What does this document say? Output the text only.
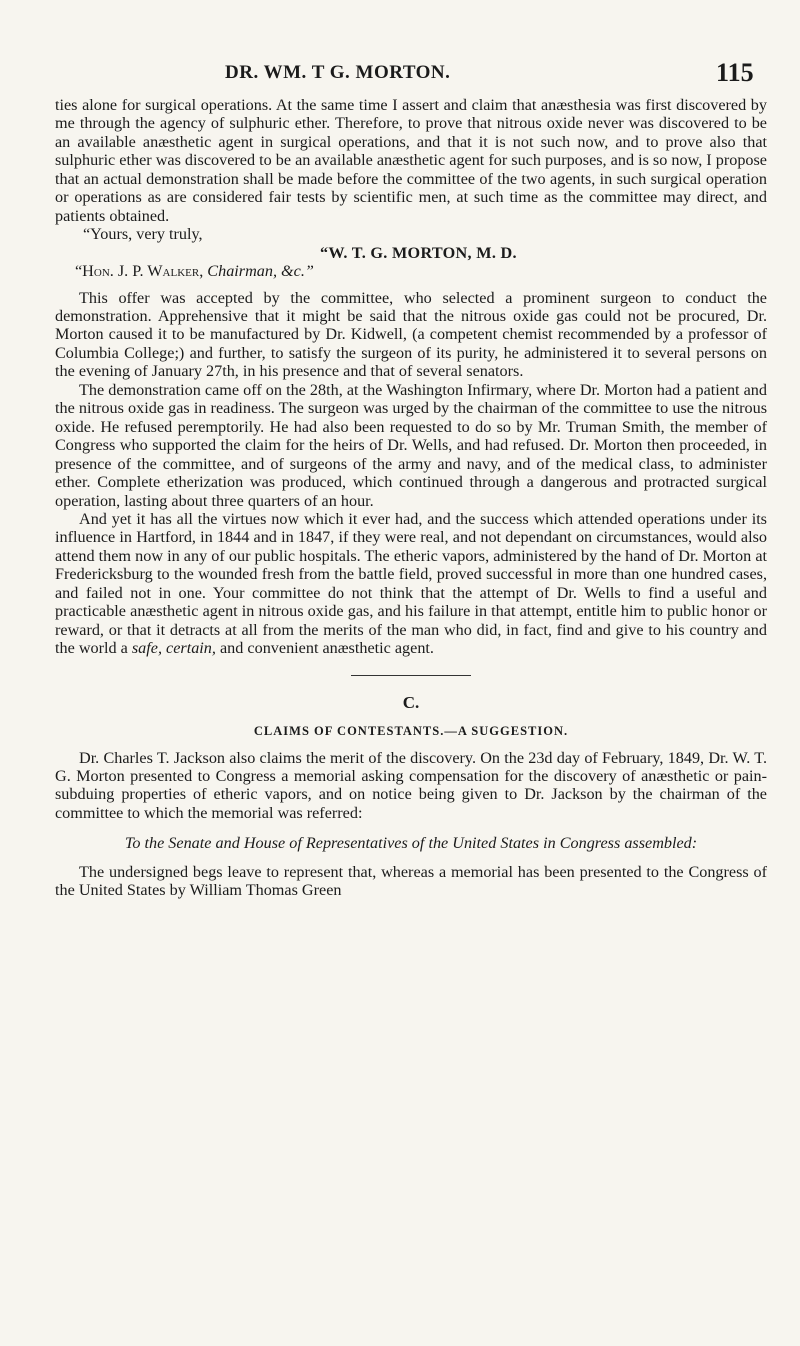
DR. WM. T G. MORTON.	115

ties alone for surgical operations. At the same time I assert and claim that anæsthesia was first discovered by me through the agency of sulphuric ether. Therefore, to prove that nitrous oxide never was discovered to be an available anæsthetic agent in surgical operations, and that it is not such now, and to prove also that sulphuric ether was discovered to be an available anæsthetic agent for such purposes, and is so now, I propose that an actual demonstration shall be made before the committee of the two agents, in such surgical operation or operations as are considered fair tests by scientific men, at such time as the committee may direct, and patients obtained.

“Yours, very truly,

“W. T. G. MORTON, M. D.

“Hon. J. P. Walker, Chairman, &c.”

This offer was accepted by the committee, who selected a prominent surgeon to conduct the demonstration. Apprehensive that it might be said that the nitrous oxide gas could not be procured, Dr. Morton caused it to be manufactured by Dr. Kidwell, (a competent chemist recommended by a professor of Columbia College;) and further, to satisfy the surgeon of its purity, he administered it to several persons on the evening of January 27th, in his presence and that of several senators.

The demonstration came off on the 28th, at the Washington Infirmary, where Dr. Morton had a patient and the nitrous oxide gas in readiness. The surgeon was urged by the chairman of the committee to use the nitrous oxide. He refused peremptorily. He had also been requested to do so by Mr. Truman Smith, the member of Congress who supported the claim for the heirs of Dr. Wells, and had refused. Dr. Morton then proceeded, in presence of the committee, and of surgeons of the army and navy, and of the medical class, to administer ether. Complete etherization was produced, which continued through a dangerous and protracted surgical operation, lasting about three quarters of an hour.

And yet it has all the virtues now which it ever had, and the success which attended operations under its influence in Hartford, in 1844 and in 1847, if they were real, and not dependant on circumstances, would also attend them now in any of our public hospitals. The etheric vapors, administered by the hand of Dr. Morton at Fredericksburg to the wounded fresh from the battle field, proved successful in more than one hundred cases, and failed not in one. Your committee do not think that the attempt of Dr. Wells to find a useful and practicable anæsthetic agent in nitrous oxide gas, and his failure in that attempt, entitle him to public honor or reward, or that it detracts at all from the merits of the man who did, in fact, find and give to his country and the world a safe, certain, and convenient anæsthetic agent.

C.

CLAIMS OF CONTESTANTS.—A SUGGESTION.

Dr. Charles T. Jackson also claims the merit of the discovery. On the 23d day of February, 1849, Dr. W. T. G. Morton presented to Congress a memorial asking compensation for the discovery of anæsthetic or pain-subduing properties of etheric vapors, and on notice being given to Dr. Jackson by the chairman of the committee to which the memorial was referred:

To the Senate and House of Representatives of the United States in Congress assembled:

The undersigned begs leave to represent that, whereas a memorial has been presented to the Congress of the United States by William Thomas Green
